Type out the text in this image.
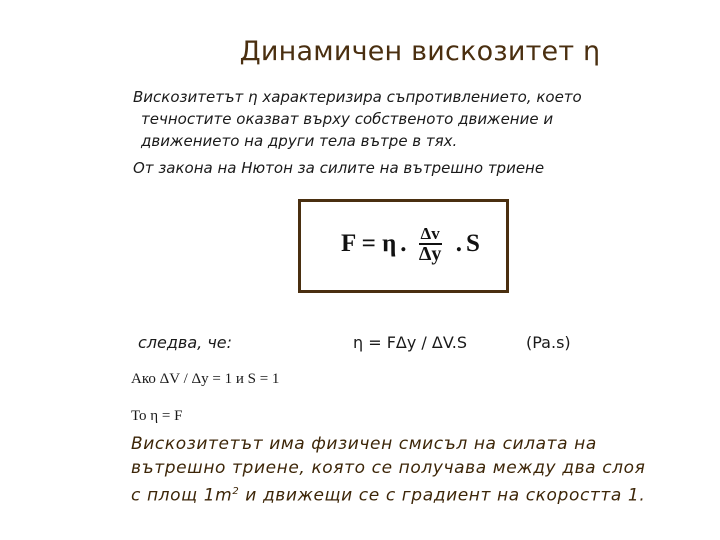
Динамичен вискозитет η
Вискозитетът η характеризира съпротивлението, което
течностите оказват върху собственото движение и
движението на други тела вътре в тях.
От закона на Нютон за силите на вътрешно триене
F = η . $\frac{\Delta v}{\Delta y}$ . S
следва, че:	η = FΔy / ΔV.S	(Pa.s)
Ако ΔV / Δy = 1 и S = 1
То η = F
Вискозитетът има физичен смисъл на силата на
вътрешно триене, която се получава между два слоя
с площ $1m^2$ и движещи се с градиент на скоростта 1.
